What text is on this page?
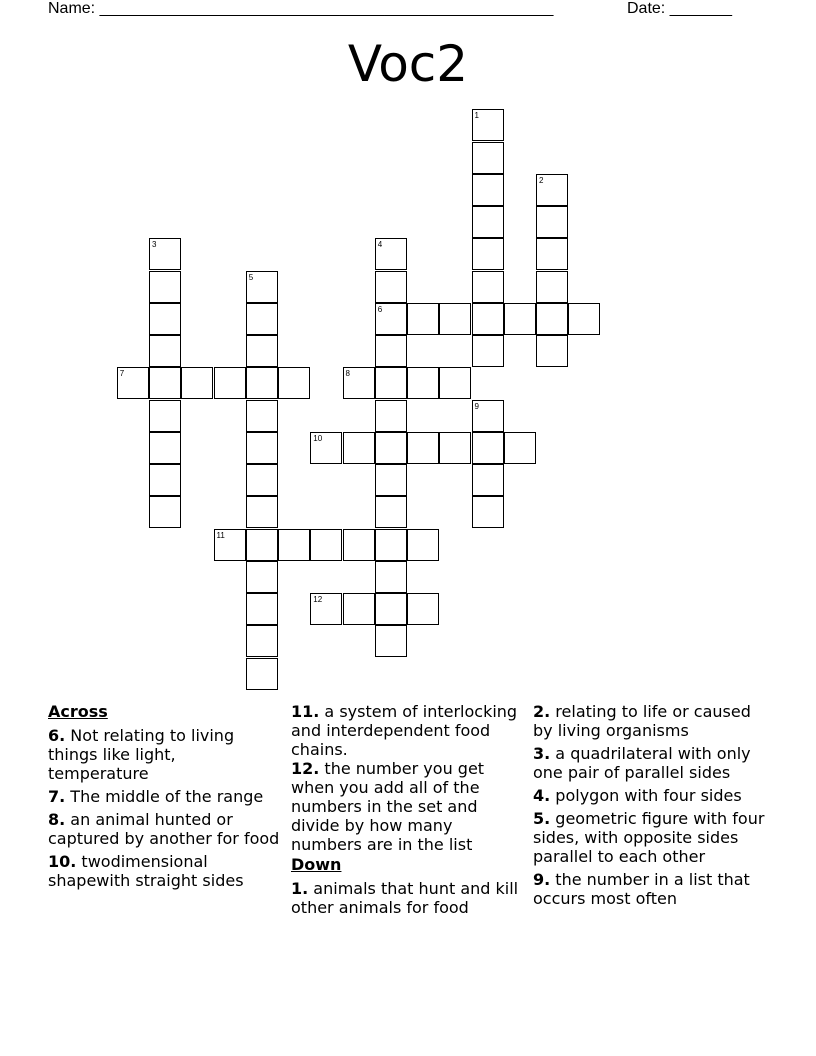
Name: ___________________________________________________	Date: _______
Voc2
1
2
3	4
6
5
7	8
9
10
11
12
Across
6. Not relating to living things like light, temperature
7. The middle of the range
8. an animal hunted or captured by another for food
10. twodimensional shapewith straight sides
11. a system of interlocking and interdependent food chains.
12. the number you get when you add all of the numbers in the set and divide by how many numbers are in the list
Down
1. animals that hunt and kill other animals for food
2. relating to life or caused by living organisms
3. a quadrilateral with only one pair of parallel sides
4. polygon with four sides
5. geometric figure with four sides, with opposite sides parallel to each other
9. the number in a list that occurs most often
